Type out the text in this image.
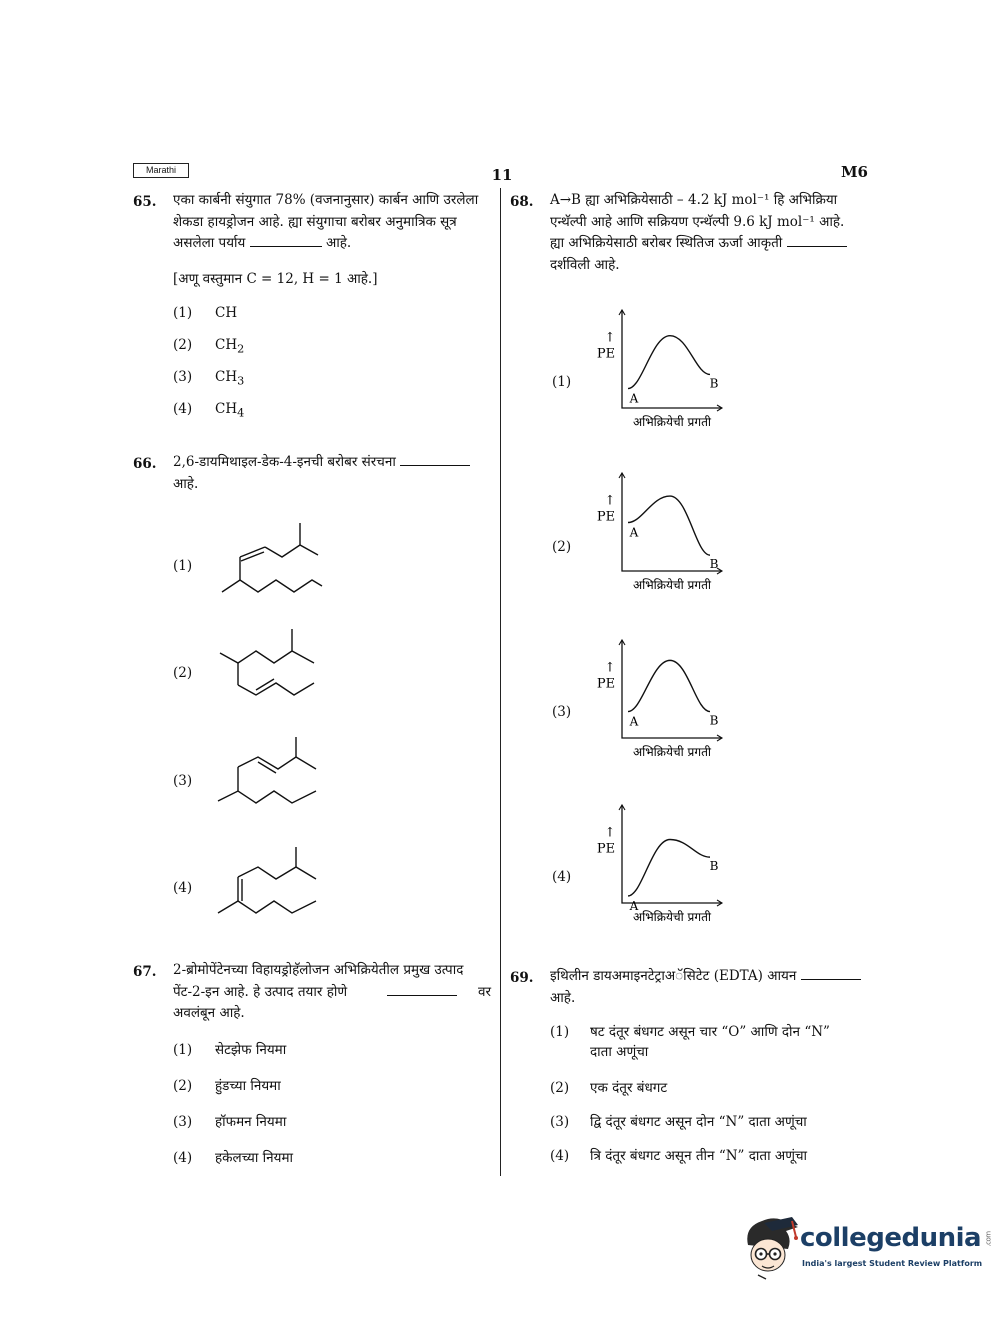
Marathi	11	M6
65. एका कार्बनी संयुगात 78% (वजनानुसार) कार्बन आणि उरलेला
शेकडा हायड्रोजन आहे. ह्या संयुगाचा बरोबर अनुमात्रिक सूत्र
असलेला पर्याय	आहे.
[अणू वस्तुमान C = 12, H = 1 आहे.]
(1) CH
(2) $CH_2$
(3) $CH_3$
(4) $CH_4$
66. 2,6-डायमिथाइल-डेक-4-इनची बरोबर संरचना
आहे.
(1)
(2)
(3)
(4)
67. 2-ब्रोमोपेंटेनच्या विहायड्रोहॅलोजन अभिक्रियेतील प्रमुख उत्पाद
पेंट-2-इन आहे. हे उत्पाद तयार होणे	वर
अवलंबून आहे.
(1) सेटझेफ नियमा
(2) हुंडच्या नियमा
(3) हॉफमन नियमा
(4) हकेलच्या नियमा
68. A→B ह्या अभिक्रियेसाठी – 4.2 kJ mol⁻¹ हि अभिक्रिया
एन्थॅल्पी आहे आणि सक्रियण एन्थॅल्पी 9.6 kJ mol⁻¹ आहे.
ह्या अभिक्रियेसाठी बरोबर स्थितिज ऊर्जा आकृती
दर्शविली आहे.
(1)
↑
PE
A
B
अभिक्रियेची प्रगती
(2)
↑
PE
A
B
अभिक्रियेची प्रगती
(3)
↑
PE
A	B
अभिक्रियेची प्रगती
(4)
↑
PE
A
B
अभिक्रियेची प्रगती
69. इथिलीन डायअमाइनटेट्राअॅसिटेट (EDTA) आयन
आहे.
(1) षट दंतूर बंधगट असून चार “O” आणि दोन “N”
दाता अणूंचा
(2) एक दंतूर बंधगट
(3) द्वि दंतूर बंधगट असून दोन “N” दाता अणूंचा
(4) त्रि दंतूर बंधगट असून तीन “N” दाता अणूंचा
collegedunia .com
India's largest Student Review Platform
